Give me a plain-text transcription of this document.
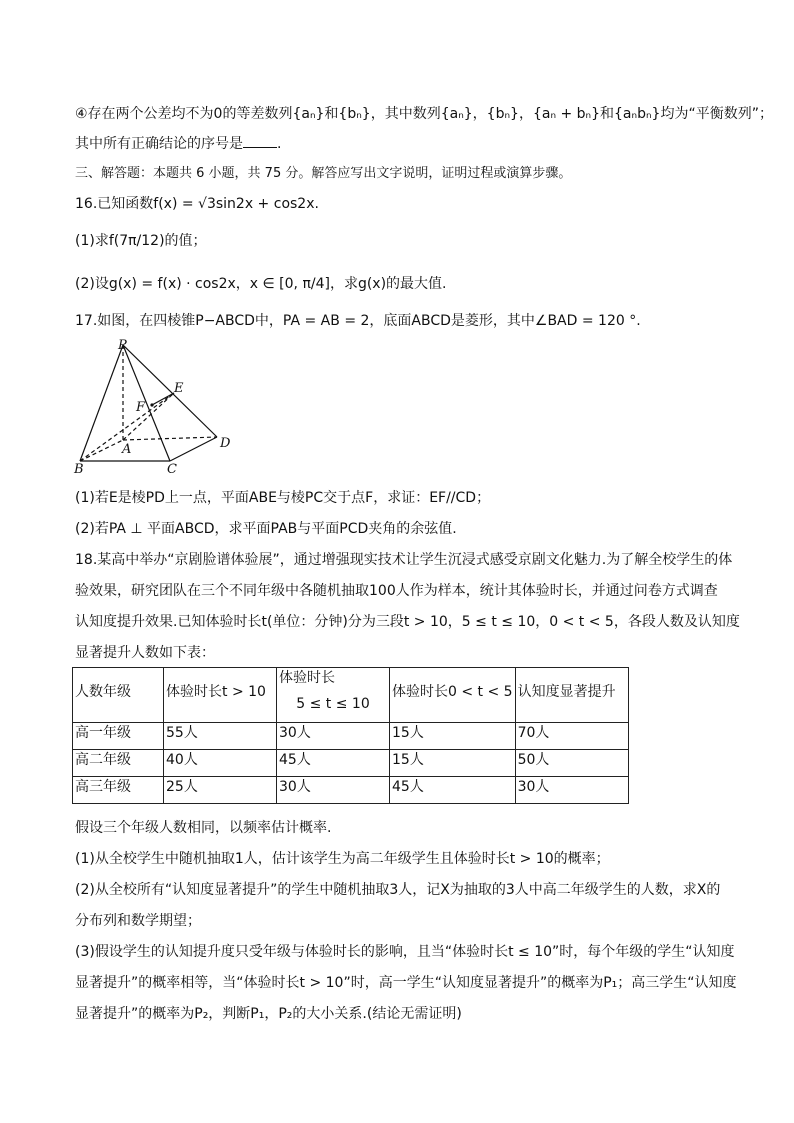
④存在两个公差均不为0的等差数列{aₙ}和{bₙ}，其中数列{aₙ}，{bₙ}，{aₙ + bₙ}和{aₙbₙ}均为“平衡数列”；
其中所有正确结论的序号是 .
三、解答题：本题共 6 小题，共 75 分。解答应写出文字说明，证明过程或演算步骤。
16.已知函数f(x) = √3sin2x + cos2x.
(1)求f(7π/12)的值；
(2)设g(x) = f(x) · cos2x，x ∈ [0, π/4]，求g(x)的最大值.
17.如图，在四棱锥P−ABCD中，PA = AB = 2，底面ABCD是菱形，其中∠BAD = 120 °.
P
E
F
A	D
B	C
(1)若E是棱PD上一点，平面ABE与棱PC交于点F，求证：EF//CD；
(2)若PA ⊥ 平面ABCD，求平面PAB与平面PCD夹角的余弦值.
18.某高中举办“京剧脸谱体验展”，通过增强现实技术让学生沉浸式感受京剧文化魅力.为了解全校学生的体
验效果，研究团队在三个不同年级中各随机抽取100人作为样本，统计其体验时长，并通过问卷方式调查
认知度提升效果.已知体验时长t(单位：分钟)分为三段t > 10，5 ≤ t ≤ 10，0 < t < 5，各段人数及认知度
显著提升人数如下表：
人数年级	体验时长t > 10	体验时长
5 ≤ t ≤ 10	体验时长0 < t < 5	认知度显著提升

高一年级	55人	30人	15人	70人
高二年级	40人	45人	15人	50人
高三年级	25人	30人	45人	30人
假设三个年级人数相同，以频率估计概率.
(1)从全校学生中随机抽取1人，估计该学生为高二年级学生且体验时长t > 10的概率；
(2)从全校所有“认知度显著提升”的学生中随机抽取3人，记X为抽取的3人中高二年级学生的人数，求X的
分布列和数学期望；
(3)假设学生的认知提升度只受年级与体验时长的影响，且当“体验时长t ≤ 10”时，每个年级的学生“认知度
显著提升”的概率相等，当“体验时长t > 10”时，高一学生“认知度显著提升”的概率为P₁；高三学生“认知度
显著提升”的概率为P₂，判断P₁，P₂的大小关系.(结论无需证明)
